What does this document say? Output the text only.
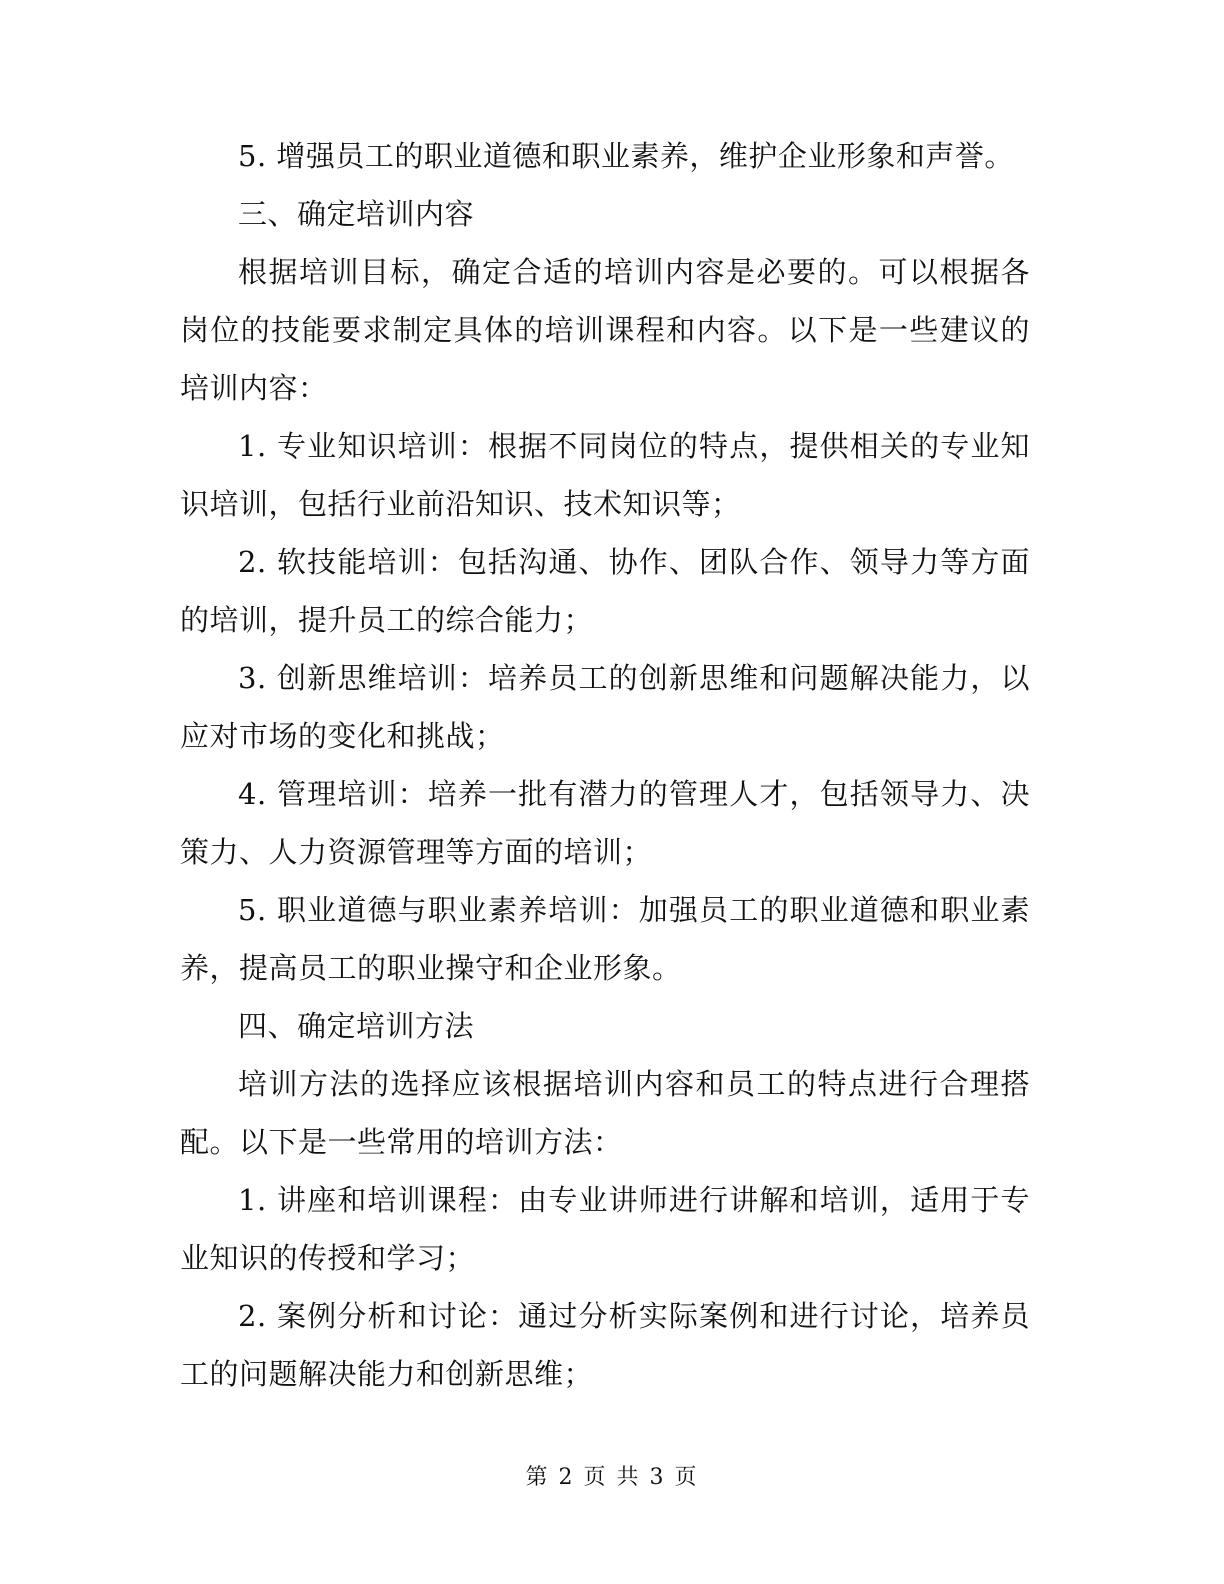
5. 增强员工的职业道德和职业素养，维护企业形象和声誉。

三、确定培训内容

根据培训目标，确定合适的培训内容是必要的。可以根据各岗位的技能要求制定具体的培训课程和内容。以下是一些建议的培训内容：

1. 专业知识培训：根据不同岗位的特点，提供相关的专业知识培训，包括行业前沿知识、技术知识等；

2. 软技能培训：包括沟通、协作、团队合作、领导力等方面的培训，提升员工的综合能力；

3. 创新思维培训：培养员工的创新思维和问题解决能力，以应对市场的变化和挑战；

4. 管理培训：培养一批有潜力的管理人才，包括领导力、决策力、人力资源管理等方面的培训；

5. 职业道德与职业素养培训：加强员工的职业道德和职业素养，提高员工的职业操守和企业形象。

四、确定培训方法

培训方法的选择应该根据培训内容和员工的特点进行合理搭配。以下是一些常用的培训方法：

1. 讲座和培训课程：由专业讲师进行讲解和培训，适用于专业知识的传授和学习；

2. 案例分析和讨论：通过分析实际案例和进行讨论，培养员工的问题解决能力和创新思维；

第 2 页 共 3 页
